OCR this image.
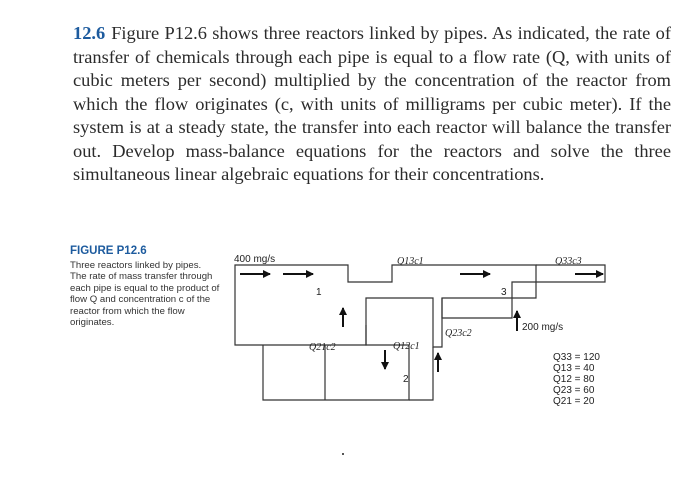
12.6 Figure P12.6 shows three reactors linked by pipes. As indicated, the rate of transfer of chemicals through each pipe is equal to a flow rate (Q, with units of cubic meters per second) multiplied by the concentration of the reactor from which the flow originates (c, with units of milligrams per cubic meter). If the system is at a steady state, the transfer into each reactor will balance the transfer out. Develop mass-balance equations for the reactors and solve the three simultaneous linear algebraic equations for their concentrations.

FIGURE P12.6

Three reactors linked by pipes. The rate of mass transfer through each pipe is equal to the product of flow Q and concentration c of the reactor from which the flow originates.

400 mg/s
200 mg/s
1
2
3
Q13c1	Q33c3
Q21c2	Q12c1
Q23c2
Q33 = 120
Q13 = 40
Q12 = 80
Q23 = 60
Q21 = 20
